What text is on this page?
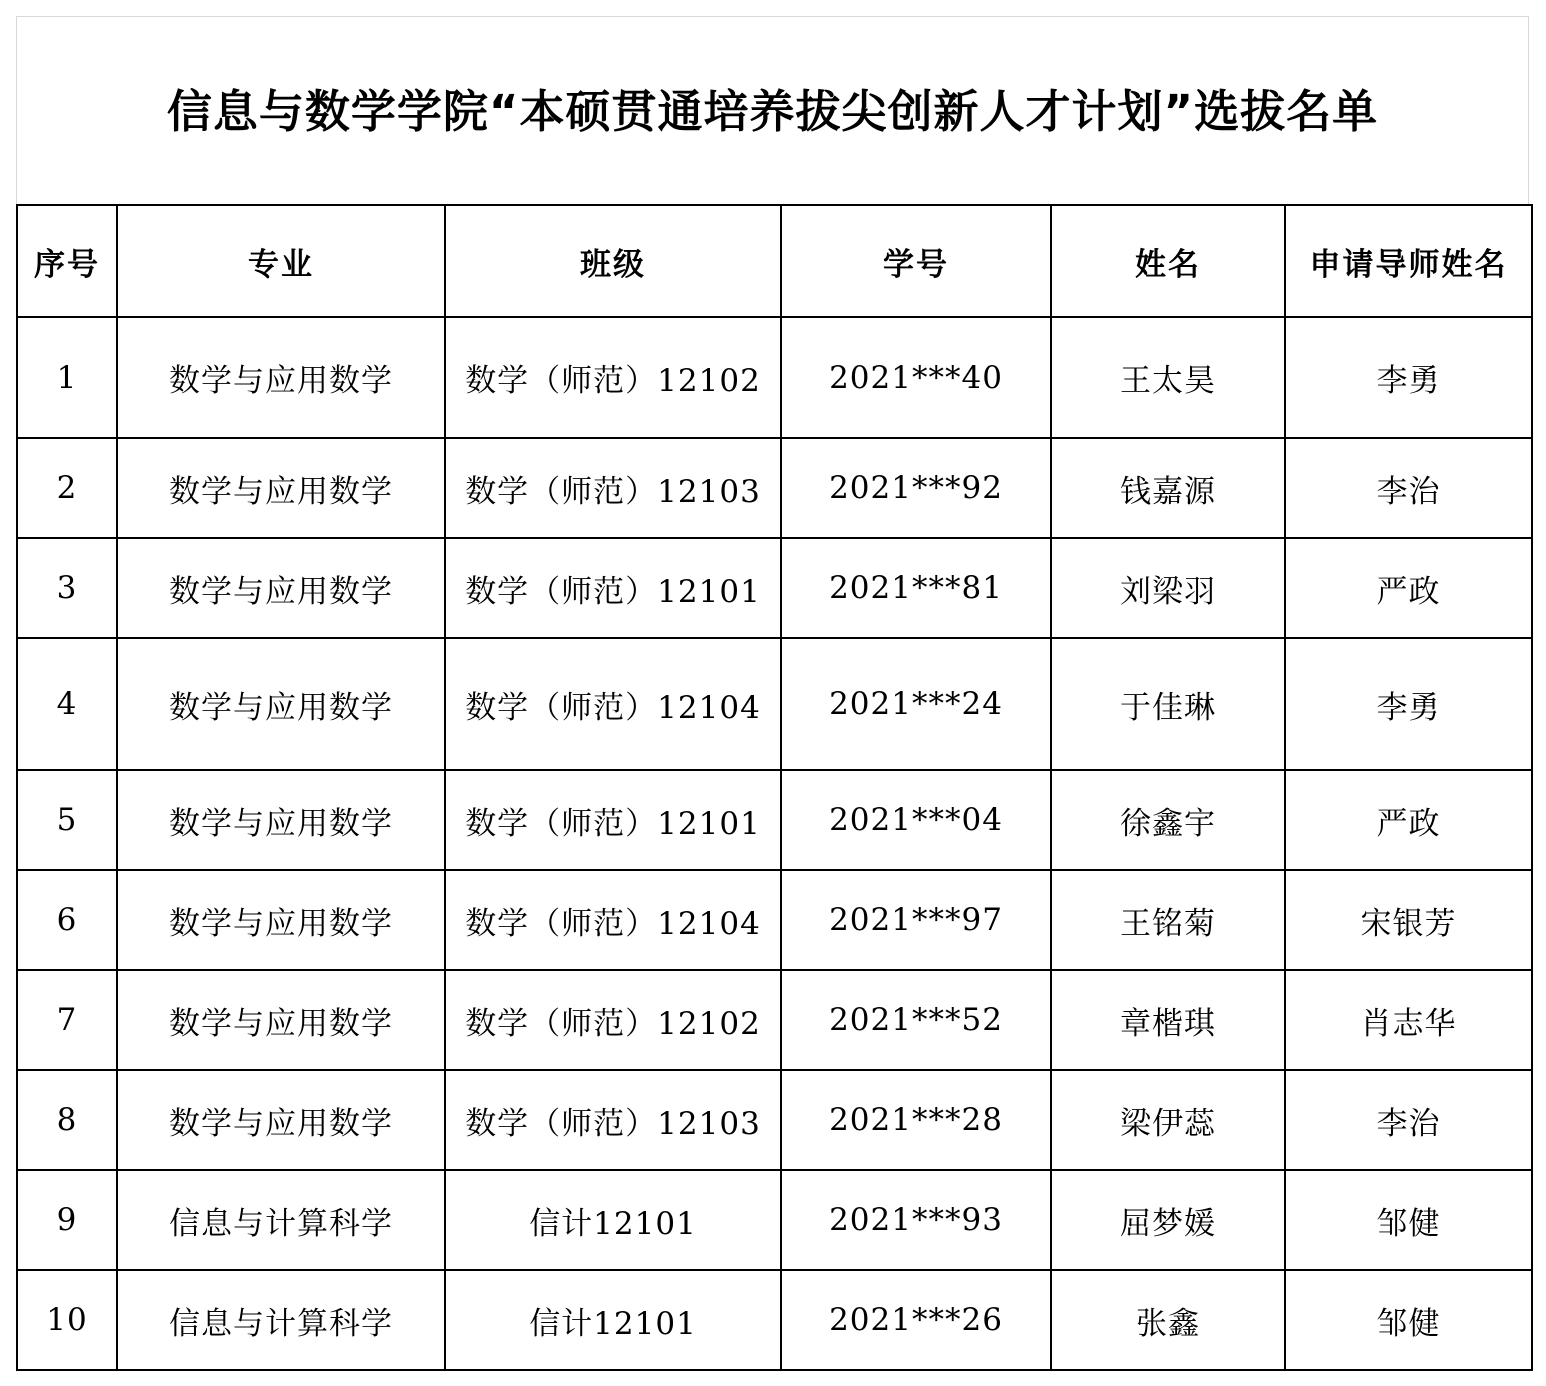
信息与数学学院“本硕贯通培养拔尖创新人才计划”选拔名单
序号	专业	班级	学号	姓名	申请导师姓名
1	数学与应用数学	数学（师范）12102	2021***40	王太昊	李勇
2	数学与应用数学	数学（师范）12103	2021***92	钱嘉源	李治
3	数学与应用数学	数学（师范）12101	2021***81	刘梁羽	严政
4	数学与应用数学	数学（师范）12104	2021***24	于佳琳	李勇
5	数学与应用数学	数学（师范）12101	2021***04	徐鑫宇	严政
6	数学与应用数学	数学（师范）12104	2021***97	王铭菊	宋银芳
7	数学与应用数学	数学（师范）12102	2021***52	章楷琪	肖志华
8	数学与应用数学	数学（师范）12103	2021***28	梁伊蕊	李治
9	信息与计算科学	信计12101	2021***93	屈梦媛	邹健
10	信息与计算科学	信计12101	2021***26	张鑫	邹健
